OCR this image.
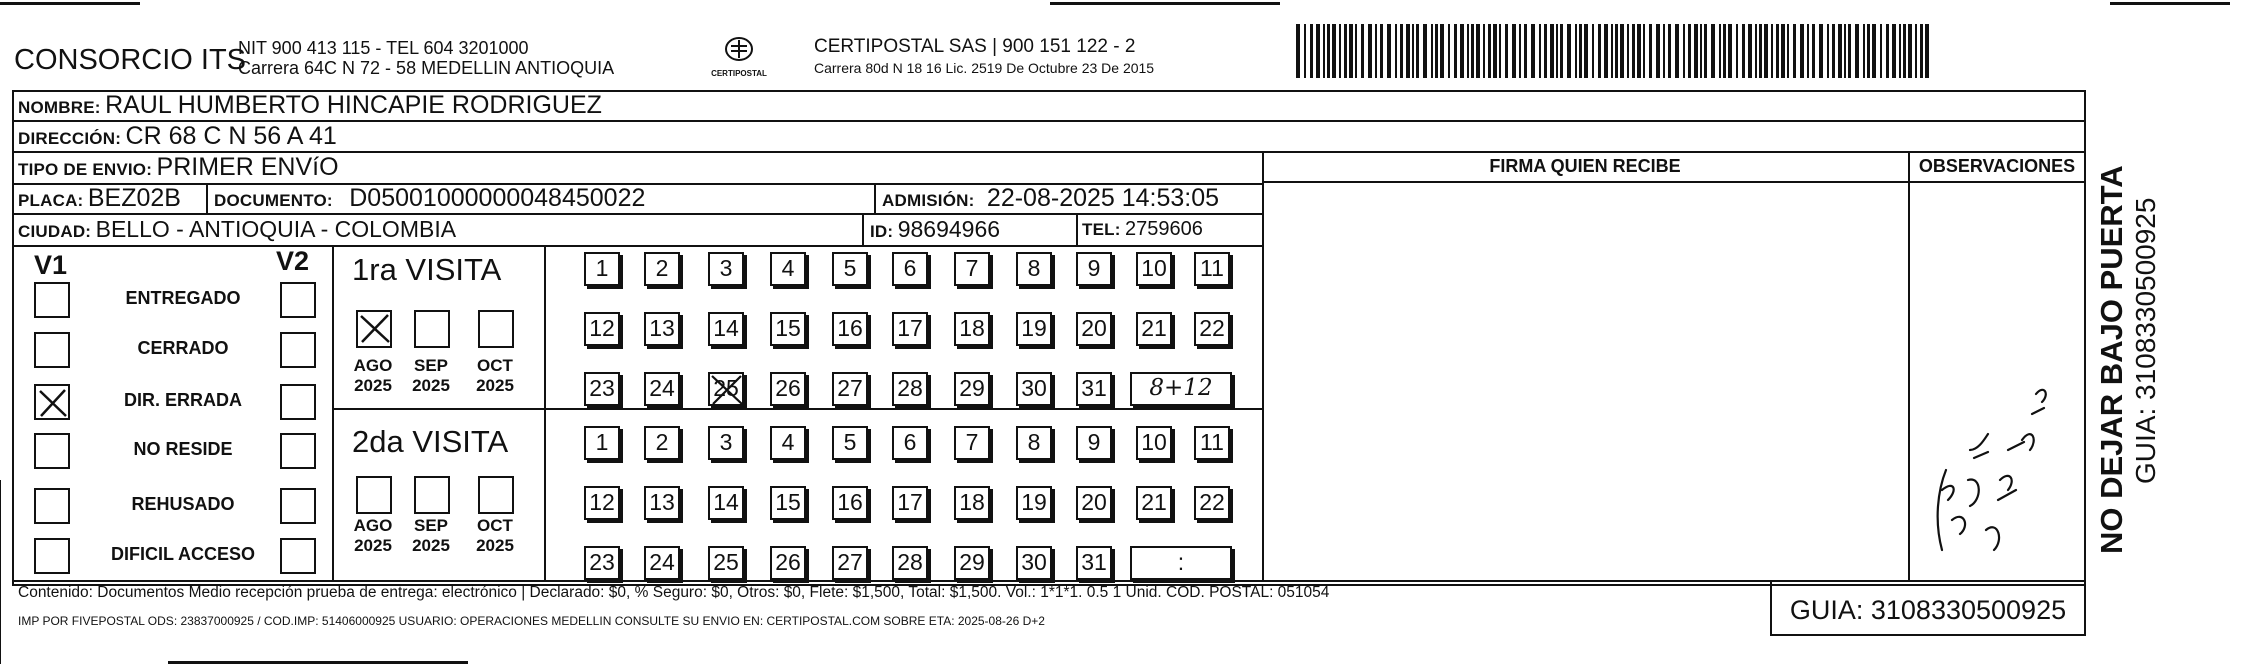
CONSORCIO ITS
NIT 900 413 115 - TEL 604 3201000
Carrera 64C N 72 - 58 MEDELLIN ANTIOQUIA	CERTIPOSTAL
CERTIPOSTAL SAS | 900 151 122 - 2
Carrera 80d N 18 16 Lic. 2519 De Octubre 23 De 2015
NOMBRE: RAUL HUMBERTO HINCAPIE RODRIGUEZ
DIRECCIÓN: CR 68 C N 56 A 41
TIPO DE ENVIO: PRIMER ENVíO	FIRMA QUIEN RECIBE	OBSERVACIONES
PLACA: BEZ02B DOCUMENTO: D05001000000048450022	ADMISIÓN: 22-08-2025 14:53:05
CIUDAD: BELLO - ANTIOQUIA - COLOMBIA	ID: 98694966	TEL: 2759606
V1	V2
ENTREGADO
CERRADO
DIR. ERRADA
NO RESIDE
REHUSADO
DIFICIL ACCESO
1ra VISITA
AGO
2025
SEP
2025
OCT
2025
1	2	3	4	5	6	7	8	9	10 11
12 13 14 15 16 17 18 19 20 21 22
23 24 25 26 27 28 29 30 31	8+12
2da VISITA
AGO
2025
SEP
2025
OCT
2025
1	2	3	4	5	6	7	8	9	10 11
12 13 14 15 16 17 18 19 20 21 22
23 24 25 26 27 28 29 30 31	:
NO DEJAR BAJO PUERTA GUIA: 3108330500925
Contenido: Documentos Medio recepción prueba de entrega: electrónico | Declarado: $0, % Seguro: $0, Otros: $0, Flete: $1,500, Total: $1,500. Vol.: 1*1*1. 0.5 1 Unid. COD. POSTAL: 051054
IMP POR FIVEPOSTAL ODS: 23837000925 / COD.IMP: 51406000925 USUARIO: OPERACIONES MEDELLIN CONSULTE SU ENVIO EN: CERTIPOSTAL.COM SOBRE ETA: 2025-08-26 D+2	GUIA: 3108330500925
